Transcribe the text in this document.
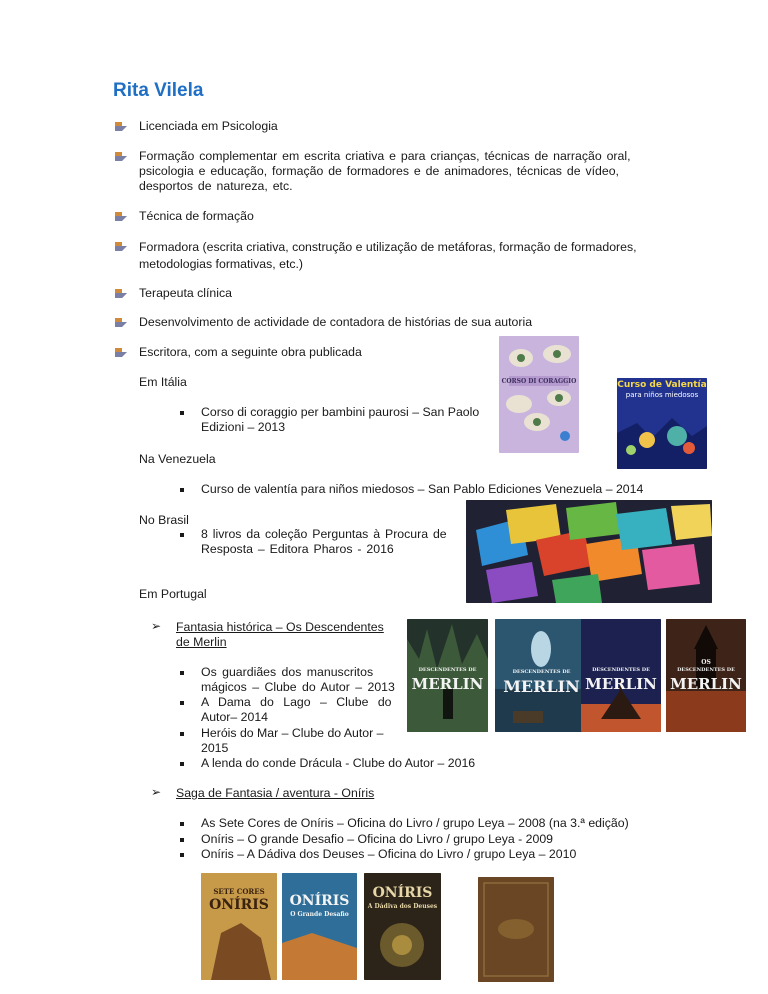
Rita Vilela
Licenciada em Psicologia
Formação complementar em escrita criativa e para crianças, técnicas de narração oral,
psicologia e educação, formação de formadores e de animadores, técnicas de vídeo,
desportos de natureza, etc.
Técnica de formação
Formadora (escrita criativa, construção e utilização de metáforas, formação de formadores,
metodologias formativas, etc.)
Terapeuta clínica
Desenvolvimento de actividade de contadora de histórias de sua autoria
Escritora, com a seguinte obra publicada
Em Itália
Corso di coraggio per bambini paurosi – San Paolo
Edizioni – 2013
Na Venezuela
Curso de valentía para niños miedosos – San Pablo Ediciones Venezuela – 2014
No Brasil
8 livros da coleção Perguntas à Procura de
Resposta – Editora Pharos - 2016
Em Portugal
➢ Fantasia histórica – Os Descendentes
de Merlin
Os guardiães dos manuscritos
mágicos – Clube do Autor – 2013
A Dama do Lago – Clube do
Autor– 2014
Heróis do Mar – Clube do Autor –
2015
A lenda do conde Drácula - Clube do Autor – 2016
➢ Saga de Fantasia / aventura - Oníris
As Sete Cores de Oníris – Oficina do Livro / grupo Leya – 2008 (na 3.ª edição)
Oníris – O grande Desafio – Oficina do Livro / grupo Leya - 2009
Oníris – A Dádiva dos Deuses – Oficina do Livro / grupo Leya – 2010
CORSO DI CORAGGIO	Curso de Valentía
para niños miedosos
DESCENDENTES DE
MERLIN
DESCENDENTES DE
MERLIN
DESCENDENTES DE
MERLIN
OS
DESCENDENTES DE
MERLIN
SETE CORES
ONÍRIS	ONÍRIS
O Grande Desafio
ONÍRIS
A Dádiva dos Deuses
